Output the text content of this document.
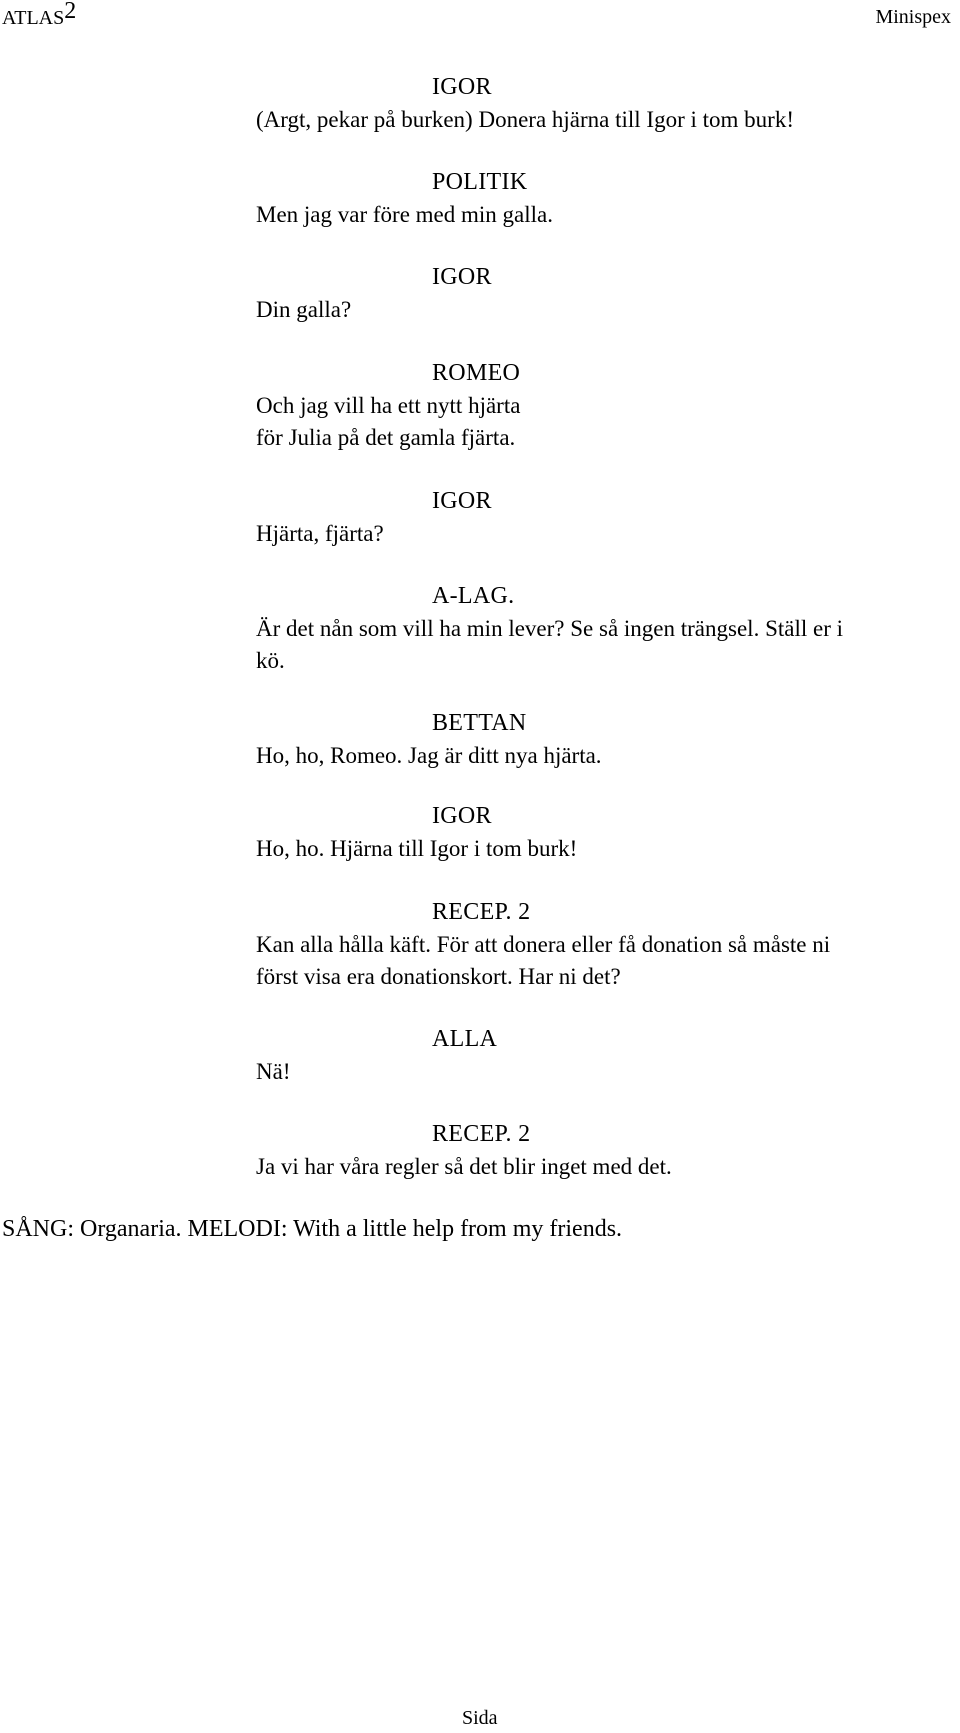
ATLAS2	Minispex
IGOR
(Argt, pekar på burken) Donera hjärna till Igor i tom burk!
POLITIK
Men jag var före med min galla.
IGOR
Din galla?
ROMEO
Och jag vill ha ett nytt hjärta
för Julia på det gamla fjärta.
IGOR
Hjärta, fjärta?
A-LAG.
Är det nån som vill ha min lever? Se så ingen trängsel. Ställ er i
kö.
BETTAN
Ho, ho, Romeo. Jag är ditt nya hjärta.
IGOR
Ho, ho. Hjärna till Igor i tom burk!
RECEP. 2
Kan alla hålla käft. För att donera eller få donation så måste ni
först visa era donationskort. Har ni det?
ALLA
Nä!
RECEP. 2
Ja vi har våra regler så det blir inget med det.
SÅNG: Organaria. MELODI: With a little help from my friends.
Sida
